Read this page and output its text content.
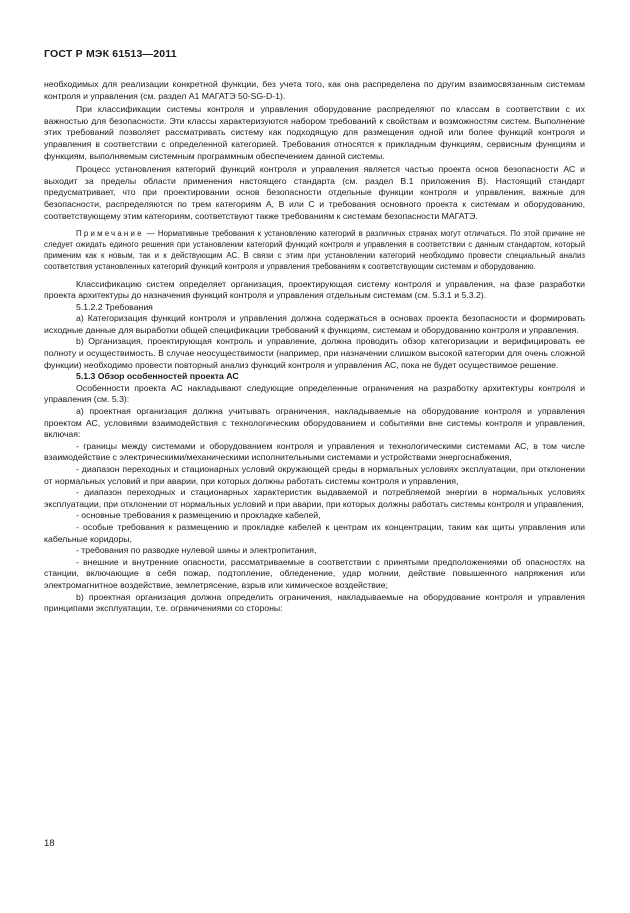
ГОСТ Р МЭК 61513—2011

необходимых для реализации конкретной функции, без учета того, как она распределена по другим взаимосвязанным системам контроля и управления (см. раздел А1 МАГАТЭ 50-SG-D-1).

При классификации системы контроля и управления оборудование распределяют по классам в соответствии с их важностью для безопасности. Эти классы характеризуются набором требований к свойствам и возможностям систем. Выполнение этих требований позволяет рассматривать систему как подходящую для размещения одной или более функций контроля и управления в соответствии с определенной категорией. Требования относятся к прикладным функциям, сервисным функциям и функциям, выполняемым системным программным обеспечением данной системы.

Процесс установления категорий функций контроля и управления является частью проекта основ безопасности АС и выходит за пределы области применения настоящего стандарта (см. раздел В.1 приложения В). Настоящий стандарт предусматривает, что при проектировании основ безопасности отдельные функции контроля и управления, важные для безопасности, распределяются по трем категориям А, В или С и требования основного проекта к системам и оборудованию, соответствующему этим категориям, соответствуют также требованиям к системам безопасности МАГАТЭ.

Примечание — Нормативные требования к установлению категорий в различных странах могут отличаться. По этой причине не следует ожидать единого решения при установлении категорий функций контроля и управления в соответствии с данным стандартом, который применим как к новым, так и к действующим АС. В связи с этим при установлении категорий необходимо провести специальный анализ соответствия установленных категорий функций контроля и управления требованиям к соответствующим системам и оборудованию.

Классификацию систем определяет организация, проектирующая систему контроля и управления, на фазе разработки проекта архитектуры до назначения функций контроля и управления отдельным системам (см. 5.3.1 и 5.3.2).

5.1.2.2 Требования

а) Категоризация функций контроля и управления должна содержаться в основах проекта безопасности и формировать исходные данные для выработки общей спецификации требований к функциям, системам и оборудованию контроля и управления.

b) Организация, проектирующая контроль и управление, должна проводить обзор категоризации и верифицировать ее полноту и осуществимость. В случае неосуществимости (например, при назначении слишком высокой категории для очень сложной функции) необходимо провести повторный анализ функций контроля и управления АС, пока не будет осуществимое решение.

5.1.3 Обзор особенностей проекта АС

Особенности проекта АС накладывают следующие определенные ограничения на разработку архитектуры контроля и управления (см. 5.3):

а) проектная организация должна учитывать ограничения, накладываемые на оборудование контроля и управления проектом АС, условиями взаимодействия с технологическим оборудованием и событиями вне системы контроля и управления, включая:

- границы между системами и оборудованием контроля и управления и технологическими системами АС, в том числе взаимодействие с электрическими/механическими исполнительными системами и устройствами энергоснабжения,

- диапазон переходных и стационарных условий окружающей среды в нормальных условиях эксплуатации, при отклонении от нормальных условий и при аварии, при которых должны работать системы контроля и управления,

- диапазон переходных и стационарных характеристик выдаваемой и потребляемой энергии в нормальных условиях эксплуатации, при отклонении от нормальных условий и при аварии, при которых должны работать системы контроля и управления,

- основные требования к размещению и прокладке кабелей,

- особые требования к размещению и прокладке кабелей к центрам их концентрации, таким как щиты управления или кабельные коридоры,

- требования по разводке нулевой шины и электропитания,

- внешние и внутренние опасности, рассматриваемые в соответствии с принятыми предположениями об опасностях на станции, включающие в себя пожар, подтопление, обледенение, удар молнии, действие повышенного напряжения или электромагнитное воздействие, землетрясение, взрыв или химическое воздействие;

b) проектная организация должна определить ограничения, накладываемые на оборудование контроля и управления принципами эксплуатации, т.е. ограничениями со стороны:

18
